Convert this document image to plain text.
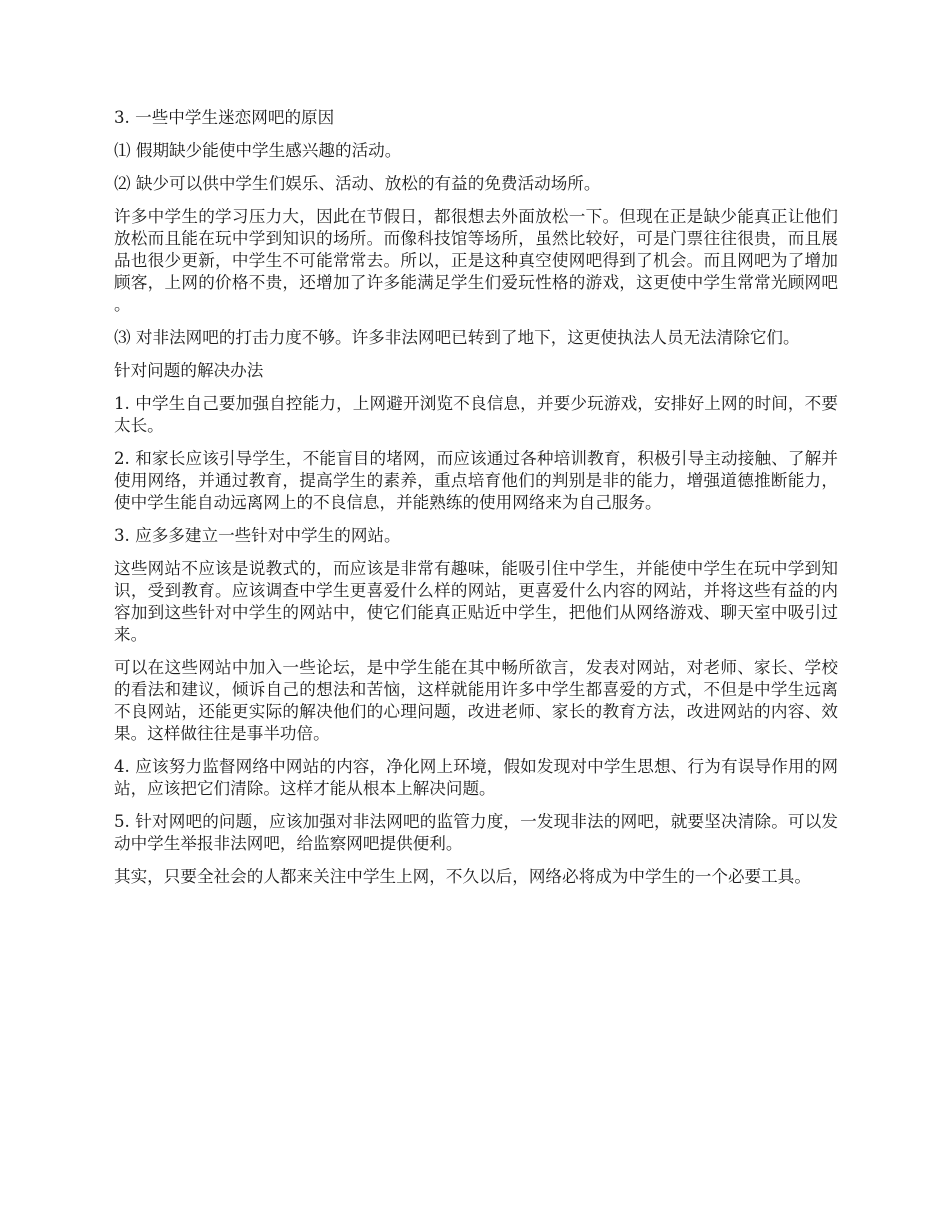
3. 一些中学生迷恋网吧的原因

⑴ 假期缺少能使中学生感兴趣的活动。

⑵ 缺少可以供中学生们娱乐、活动、放松的有益的免费活动场所。

许多中学生的学习压力大，因此在节假日，都很想去外面放松一下。但现在正是缺少能真正让他们放松而且能在玩中学到知识的场所。而像科技馆等场所，虽然比较好，可是门票往往很贵，而且展品也很少更新，中学生不可能常常去。所以，正是这种真空使网吧得到了机会。而且网吧为了增加顾客，上网的价格不贵，还增加了许多能满足学生们爱玩性格的游戏，这更使中学生常常光顾网吧。

⑶ 对非法网吧的打击力度不够。许多非法网吧已转到了地下，这更使执法人员无法清除它们。

针对问题的解决办法

1. 中学生自己要加强自控能力，上网避开浏览不良信息，并要少玩游戏，安排好上网的时间，不要太长。

2. 和家长应该引导学生，不能盲目的堵网，而应该通过各种培训教育，积极引导主动接触、了解并使用网络，并通过教育，提高学生的素养，重点培育他们的判别是非的能力，增强道德推断能力，使中学生能自动远离网上的不良信息，并能熟练的使用网络来为自己服务。

3. 应多多建立一些针对中学生的网站。

这些网站不应该是说教式的，而应该是非常有趣味，能吸引住中学生，并能使中学生在玩中学到知识，受到教育。应该调查中学生更喜爱什么样的网站，更喜爱什么内容的网站，并将这些有益的内容加到这些针对中学生的网站中，使它们能真正贴近中学生，把他们从网络游戏、聊天室中吸引过来。

可以在这些网站中加入一些论坛，是中学生能在其中畅所欲言，发表对网站，对老师、家长、学校的看法和建议，倾诉自己的想法和苦恼，这样就能用许多中学生都喜爱的方式，不但是中学生远离不良网站，还能更实际的解决他们的心理问题，改进老师、家长的教育方法，改进网站的内容、效果。这样做往往是事半功倍。

4. 应该努力监督网络中网站的内容，净化网上环境，假如发现对中学生思想、行为有误导作用的网站，应该把它们清除。这样才能从根本上解决问题。

5. 针对网吧的问题，应该加强对非法网吧的监管力度，一发现非法的网吧，就要坚决清除。可以发动中学生举报非法网吧，给监察网吧提供便利。

其实，只要全社会的人都来关注中学生上网，不久以后，网络必将成为中学生的一个必要工具。
